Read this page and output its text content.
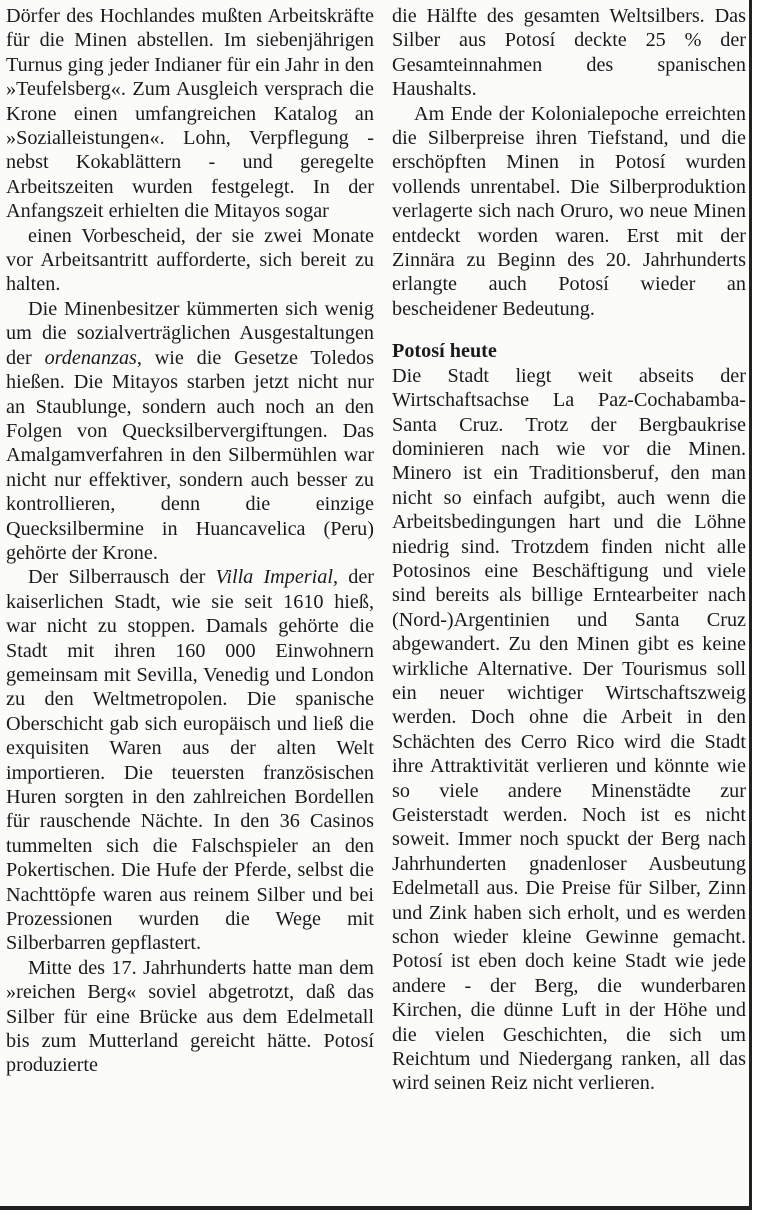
Dörfer des Hochlandes mußten Arbeitskräfte für die Minen abstellen. Im siebenjährigen Turnus ging jeder Indianer für ein Jahr in den »Teufelsberg«. Zum Ausgleich versprach die Krone einen umfangreichen Katalog an »Sozialleistungen«. Lohn, Verpflegung - nebst Kokablättern - und geregelte Arbeitszeiten wurden festgelegt. In der Anfangszeit erhielten die Mitayos sogar

einen Vorbescheid, der sie zwei Monate vor Arbeitsantritt aufforderte, sich bereit zu halten.

Die Minenbesitzer kümmerten sich wenig um die sozialverträglichen Ausgestaltungen der ordenanzas, wie die Gesetze Toledos hießen. Die Mitayos starben jetzt nicht nur an Staublunge, sondern auch noch an den Folgen von Quecksilbervergiftungen. Das Amalgamverfahren in den Silbermühlen war nicht nur effektiver, sondern auch besser zu kontrollieren, denn die einzige Quecksilbermine in Huancavelica (Peru) gehörte der Krone.

Der Silberrausch der Villa Imperial, der kaiserlichen Stadt, wie sie seit 1610 hieß, war nicht zu stoppen. Damals gehörte die Stadt mit ihren 160 000 Einwohnern gemeinsam mit Sevilla, Venedig und London zu den Weltmetropolen. Die spanische Oberschicht gab sich europäisch und ließ die exquisiten Waren aus der alten Welt importieren. Die teuersten französischen Huren sorgten in den zahlreichen Bordellen für rauschende Nächte. In den 36 Casinos tummelten sich die Falschspieler an den Pokertischen. Die Hufe der Pferde, selbst die Nachttöpfe waren aus reinem Silber und bei Prozessionen wurden die Wege mit Silberbarren gepflastert.

Mitte des 17. Jahrhunderts hatte man dem »reichen Berg« soviel abgetrotzt, daß das Silber für eine Brücke aus dem Edelmetall bis zum Mutterland gereicht hätte. Potosí produzierte

die Hälfte des gesamten Weltsilbers. Das Silber aus Potosí deckte 25 % der Gesamteinnahmen des spanischen Haushalts.

Am Ende der Kolonialepoche erreichten die Silberpreise ihren Tiefstand, und die erschöpften Minen in Potosí wurden vollends unrentabel. Die Silberproduktion verlagerte sich nach Oruro, wo neue Minen entdeckt worden waren. Erst mit der Zinnära zu Beginn des 20. Jahrhunderts erlangte auch Potosí wieder an bescheidener Bedeutung.

Potosí heute

Die Stadt liegt weit abseits der Wirtschaftsachse La Paz-Cochabamba-Santa Cruz. Trotz der Bergbaukrise dominieren nach wie vor die Minen. Minero ist ein Traditionsberuf, den man nicht so einfach aufgibt, auch wenn die Arbeitsbedingungen hart und die Löhne niedrig sind. Trotzdem finden nicht alle Potosinos eine Beschäftigung und viele sind bereits als billige Erntearbeiter nach (Nord-)Argentinien und Santa Cruz abgewandert. Zu den Minen gibt es keine wirkliche Alternative. Der Tourismus soll ein neuer wichtiger Wirtschaftszweig werden. Doch ohne die Arbeit in den Schächten des Cerro Rico wird die Stadt ihre Attraktivität verlieren und könnte wie so viele andere Minenstädte zur Geisterstadt werden. Noch ist es nicht soweit. Immer noch spuckt der Berg nach Jahrhunderten gnadenloser Ausbeutung Edelmetall aus. Die Preise für Silber, Zinn und Zink haben sich erholt, und es werden schon wieder kleine Gewinne gemacht. Potosí ist eben doch keine Stadt wie jede andere - der Berg, die wunderbaren Kirchen, die dünne Luft in der Höhe und die vielen Geschichten, die sich um Reichtum und Niedergang ranken, all das wird seinen Reiz nicht verlieren.
